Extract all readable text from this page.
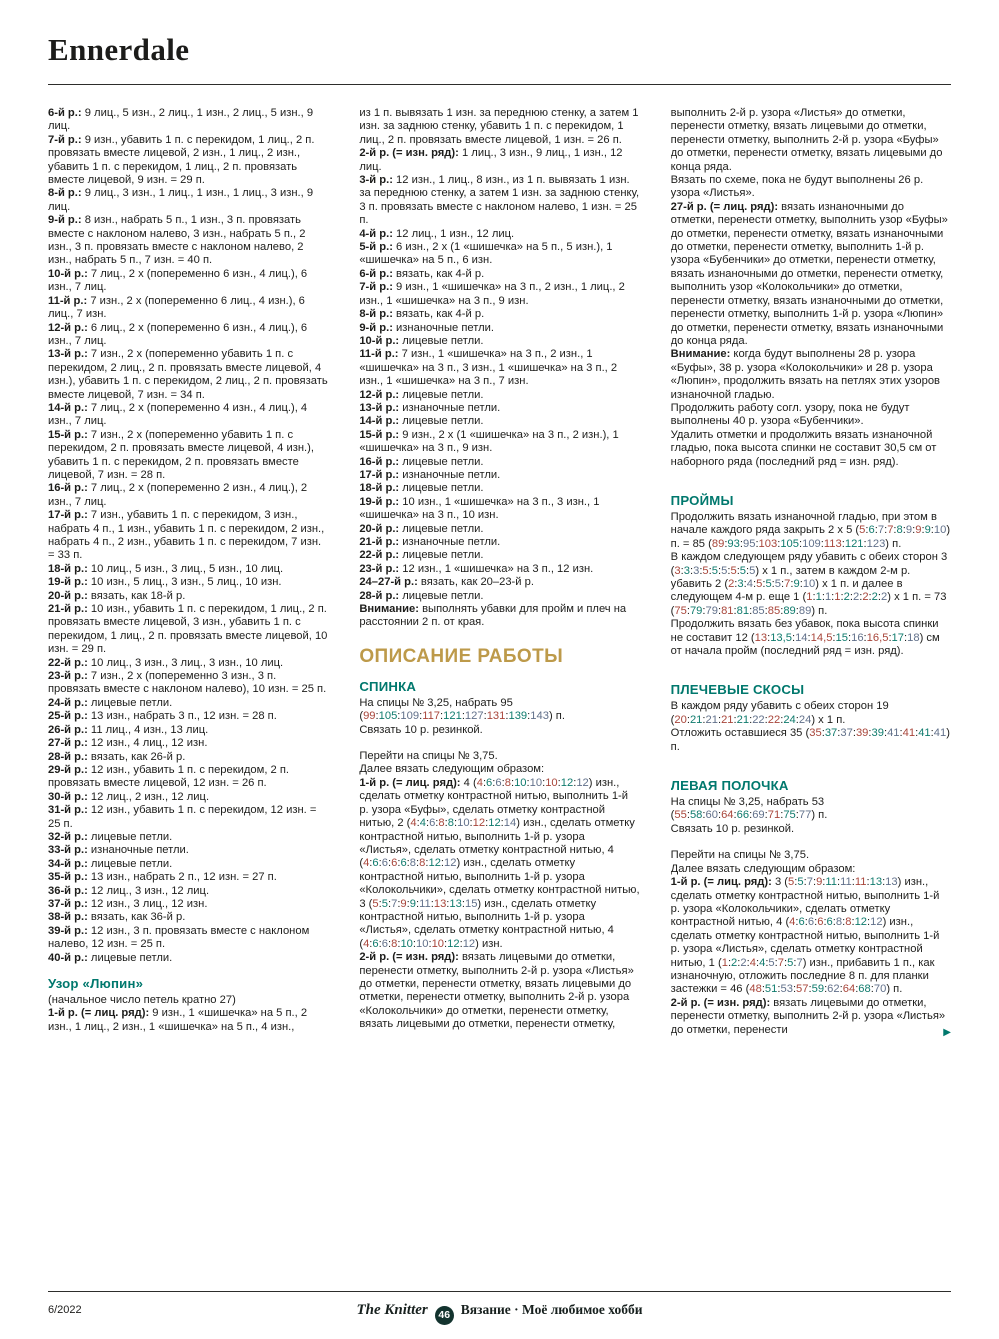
Ennerdale

6-й р.: 9 лиц., 5 изн., 2 лиц., 1 изн., 2 лиц., 5 изн., 9 лиц.

7-й р.: 9 изн., убавить 1 п. с перекидом, 1 лиц., 2 п. провязать вместе лицевой, 2 изн., 1 лиц., 2 изн., убавить 1 п. с перекидом, 1 лиц., 2 п. провязать вместе лицевой, 9 изн. = 29 п.

8-й р.: 9 лиц., 3 изн., 1 лиц., 1 изн., 1 лиц., 3 изн., 9 лиц.

9-й р.: 8 изн., набрать 5 п., 1 изн., 3 п. провязать вместе с наклоном налево, 3 изн., набрать 5 п., 2 изн., 3 п. провязать вместе с наклоном налево, 2 изн., набрать 5 п., 7 изн. = 40 п.

10-й р.: 7 лиц., 2 х (попеременно 6 изн., 4 лиц.), 6 изн., 7 лиц.

11-й р.: 7 изн., 2 х (попеременно 6 лиц., 4 изн.), 6 лиц., 7 изн.

12-й р.: 6 лиц., 2 х (попеременно 6 изн., 4 лиц.), 6 изн., 7 лиц.

13-й р.: 7 изн., 2 х (попеременно убавить 1 п. с перекидом, 2 лиц., 2 п. провязать вместе лицевой, 4 изн.), убавить 1 п. с перекидом, 2 лиц., 2 п. провязать вместе лицевой, 7 изн. = 34 п.

14-й р.: 7 лиц., 2 х (попеременно 4 изн., 4 лиц.), 4 изн., 7 лиц.

15-й р.: 7 изн., 2 х (попеременно убавить 1 п. с перекидом, 2 п. провязать вместе лицевой, 4 изн.), убавить 1 п. с перекидом, 2 п. провязать вместе лицевой, 7 изн. = 28 п.

16-й р.: 7 лиц., 2 х (попеременно 2 изн., 4 лиц.), 2 изн., 7 лиц.

17-й р.: 7 изн., убавить 1 п. с перекидом, 3 изн., набрать 4 п., 1 изн., убавить 1 п. с перекидом, 2 изн., набрать 4 п., 2 изн., убавить 1 п. с перекидом, 7 изн. = 33 п.

18-й р.: 10 лиц., 5 изн., 3 лиц., 5 изн., 10 лиц.

19-й р.: 10 изн., 5 лиц., 3 изн., 5 лиц., 10 изн.

20-й р.: вязать, как 18-й р.

21-й р.: 10 изн., убавить 1 п. с перекидом, 1 лиц., 2 п. провязать вместе лицевой, 3 изн., убавить 1 п. с перекидом, 1 лиц., 2 п. провязать вместе лицевой, 10 изн. = 29 п.

22-й р.: 10 лиц., 3 изн., 3 лиц., 3 изн., 10 лиц.

23-й р.: 7 изн., 2 х (попеременно 3 изн., 3 п. провязать вместе с наклоном налево), 10 изн. = 25 п.

24-й р.: лицевые петли.

25-й р.: 13 изн., набрать 3 п., 12 изн. = 28 п.

26-й р.: 11 лиц., 4 изн., 13 лиц.

27-й р.: 12 изн., 4 лиц., 12 изн.

28-й р.: вязать, как 26-й р.

29-й р.: 12 изн., убавить 1 п. с перекидом, 2 п. провязать вместе лицевой, 12 изн. = 26 п.

30-й р.: 12 лиц., 2 изн., 12 лиц.

31-й р.: 12 изн., убавить 1 п. с перекидом, 12 изн. = 25 п.

32-й р.: лицевые петли.

33-й р.: изнаночные петли.

34-й р.: лицевые петли.

35-й р.: 13 изн., набрать 2 п., 12 изн. = 27 п.

36-й р.: 12 лиц., 3 изн., 12 лиц.

37-й р.: 12 изн., 3 лиц., 12 изн.

38-й р.: вязать, как 36-й р.

39-й р.: 12 изн., 3 п. провязать вместе с наклоном налево, 12 изн. = 25 п.

40-й р.: лицевые петли.

Узор «Люпин»

(начальное число петель кратно 27)

1-й р. (= лиц. ряд): 9 изн., 1 «шишечка» на 5 п., 2 изн., 1 лиц., 2 изн., 1 «шишечка» на 5 п., 4 изн.,

из 1 п. вывязать 1 изн. за переднюю стенку, а затем 1 изн. за заднюю стенку, убавить 1 п. с перекидом, 1 лиц., 2 п. провязать вместе лицевой, 1 изн. = 26 п.

2-й р. (= изн. ряд): 1 лиц., 3 изн., 9 лиц., 1 изн., 12 лиц.

3-й р.: 12 изн., 1 лиц., 8 изн., из 1 п. вывязать 1 изн. за переднюю стенку, а затем 1 изн. за заднюю стенку, 3 п. провязать вместе с наклоном налево, 1 изн. = 25 п.

4-й р.: 12 лиц., 1 изн., 12 лиц.

5-й р.: 6 изн., 2 х (1 «шишечка» на 5 п., 5 изн.), 1 «шишечка» на 5 п., 6 изн.

6-й р.: вязать, как 4-й р.

7-й р.: 9 изн., 1 «шишечка» на 3 п., 2 изн., 1 лиц., 2 изн., 1 «шишечка» на 3 п., 9 изн.

8-й р.: вязать, как 4-й р.

9-й р.: изнаночные петли.

10-й р.: лицевые петли.

11-й р.: 7 изн., 1 «шишечка» на 3 п., 2 изн., 1 «шишечка» на 3 п., 3 изн., 1 «шишечка» на 3 п., 2 изн., 1 «шишечка» на 3 п., 7 изн.

12-й р.: лицевые петли.

13-й р.: изнаночные петли.

14-й р.: лицевые петли.

15-й р.: 9 изн., 2 х (1 «шишечка» на 3 п., 2 изн.), 1 «шишечка» на 3 п., 9 изн.

16-й р.: лицевые петли.

17-й р.: изнаночные петли.

18-й р.: лицевые петли.

19-й р.: 10 изн., 1 «шишечка» на 3 п., 3 изн., 1 «шишечка» на 3 п., 10 изн.

20-й р.: лицевые петли.

21-й р.: изнаночные петли.

22-й р.: лицевые петли.

23-й р.: 12 изн., 1 «шишечка» на 3 п., 12 изн.

24–27-й р.: вязать, как 20–23-й р.

28-й р.: лицевые петли.

Внимание: выполнять убавки для пройм и плеч на расстоянии 2 п. от края.

ОПИСАНИЕ РАБОТЫ
СПИНКА

На спицы № 3,25, набрать 95 (99:105:109:117:121:127:131:139:143) п.

Связать 10 р. резинкой.

Перейти на спицы № 3,75.

Далее вязать следующим образом:

1-й р. (= лиц. ряд): 4 (4:6:6:8:10:10:10:12:12) изн., сделать отметку контрастной нитью, выполнить 1-й р. узора «Буфы», сделать отметку контрастной нитью, 2 (4:4:6:8:8:10:12:12:14) изн., сделать отметку контрастной нитью, выполнить 1-й р. узора «Листья», сделать отметку контрастной нитью, 4 (4:6:6:6:6:8:8:12:12) изн., сделать отметку контрастной нитью, выполнить 1-й р. узора «Колокольчики», сделать отметку контрастной нитью, 3 (5:5:7:9:9:11:13:13:15) изн., сделать отметку контрастной нитью, выполнить 1-й р. узора «Листья», сделать отметку контрастной нитью, 4 (4:6:6:8:10:10:10:12:12) изн.

2-й р. (= изн. ряд): вязать лицевыми до отметки, перенести отметку, выполнить 2-й р. узора «Листья» до отметки, перенести отметку, вязать лицевыми до отметки, перенести отметку, выполнить 2-й р. узора «Колокольчики» до отметки, перенести отметку, вязать лицевыми до отметки, перенести отметку,

выполнить 2-й р. узора «Листья» до отметки, перенести отметку, вязать лицевыми до отметки, перенести отметку, выполнить 2-й р. узора «Буфы» до отметки, перенести отметку, вязать лицевыми до конца ряда.

Вязать по схеме, пока не будут выполнены 26 р. узора «Листья».

27-й р. (= лиц. ряд): вязать изнаночными до отметки, перенести отметку, выполнить узор «Буфы» до отметки, перенести отметку, вязать изнаночными до отметки, перенести отметку, выполнить 1-й р. узора «Бубенчики» до отметки, перенести отметку, вязать изнаночными до отметки, перенести отметку, выполнить узор «Колокольчики» до отметки, перенести отметку, вязать изнаночными до отметки, перенести отметку, выполнить 1-й р. узора «Люпин» до отметки, перенести отметку, вязать изнаночными до конца ряда.

Внимание: когда будут выполнены 28 р. узора «Буфы», 38 р. узора «Колокольчики» и 28 р. узора «Люпин», продолжить вязать на петлях этих узоров изнаночной гладью.

Продолжить работу согл. узору, пока не будут выполнены 40 р. узора «Бубенчики».

Удалить отметки и продолжить вязать изнаночной гладью, пока высота спинки не составит 30,5 см от наборного ряда (последний ряд = изн. ряд).

ПРОЙМЫ

Продолжить вязать изнаночной гладью, при этом в начале каждого ряда закрыть 2 х 5 (5:6:7:7:8:9:9:9:10) п. = 85 (89:93:95:103:105:109:113:121:123) п.

В каждом следующем ряду убавить с обеих сторон 3 (3:3:3:5:5:5:5:5:5) х 1 п., затем в каждом 2-м р. убавить 2 (2:3:4:5:5:5:7:9:10) х 1 п. и далее в следующем 4-м р. еще 1 (1:1:1:1:2:2:2:2:2) х 1 п. = 73 (75:79:79:81:81:85:85:89:89) п.

Продолжить вязать без убавок, пока высота спинки не составит 12 (13:13,5:14:14,5:15:16:16,5:17:18) см от начала пройм (последний ряд = изн. ряд).

ПЛЕЧЕВЫЕ СКОСЫ

В каждом ряду убавить с обеих сторон 19 (20:21:21:21:21:22:22:24:24) х 1 п.

Отложить оставшиеся 35 (35:37:37:39:39:41:41:41:41) п.

ЛЕВАЯ ПОЛОЧКА

На спицы № 3,25, набрать 53 (55:58:60:64:66:69:71:75:77) п.

Связать 10 р. резинкой.

Перейти на спицы № 3,75.

Далее вязать следующим образом:

1-й р. (= лиц. ряд): 3 (5:5:7:9:11:11:11:13:13) изн., сделать отметку контрастной нитью, выполнить 1-й р. узора «Колокольчики», сделать отметку контрастной нитью, 4 (4:6:6:6:6:8:8:12:12) изн., сделать отметку контрастной нитью, выполнить 1-й р. узора «Листья», сделать отметку контрастной нитью, 1 (1:2:2:4:4:5:7:5:7) изн., прибавить 1 п., как изнаночную, отложить последние 8 п. для планки застежки = 46 (48:51:53:57:59:62:64:68:70) п.

2-й р. (= изн. ряд): вязать лицевыми до отметки, перенести отметку, выполнить 2-й р. узора «Листья» до отметки, перенести	▶

6/2022	The Knitter 46 Вязание · Моё любимое хобби
